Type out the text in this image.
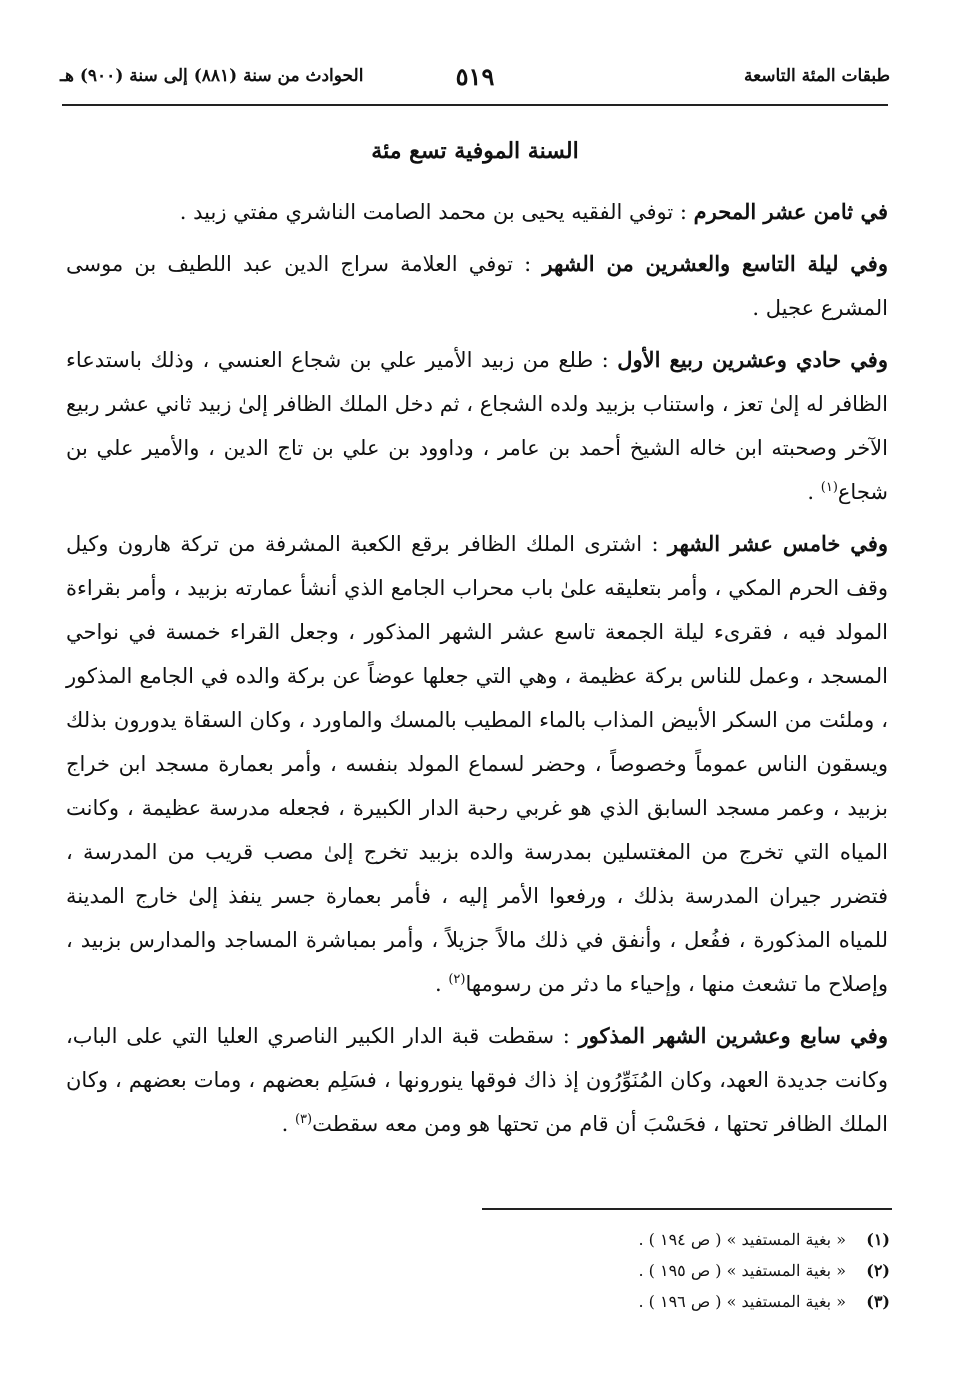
طبقات المئة التاسعة
٥١٩
الحوادث من سنة (٨٨١) إلى سنة (٩٠٠) هـ
السنة الموفية تسع مئة

في ثامن عشر المحرم : توفي الفقيه يحيى بن محمد الصامت الناشري مفتي زبيد .

وفي ليلة التاسع والعشرين من الشهر : توفي العلامة سراج الدين عبد اللطيف بن موسى المشرع عجيل .

وفي حادي وعشرين ربيع الأول : طلع من زبيد الأمير علي بن شجاع العنسي ، وذلك باستدعاء الظافر له إلىٰ تعز ، واستناب بزبيد ولده الشجاع ، ثم دخل الملك الظافر إلىٰ زبيد ثاني عشر ربيع الآخر وصحبته ابن خاله الشيخ أحمد بن عامر ، وداوود بن علي بن تاج الدين ، والأمير علي بن شجاع$^{(١)}$ .

وفي خامس عشر الشهر : اشترى الملك الظافر برقع الكعبة المشرفة من تركة هارون وكيل وقف الحرم المكي ، وأمر بتعليقه علىٰ باب محراب الجامع الذي أنشأ عمارته بزبيد ، وأمر بقراءة المولد فيه ، فقرىء ليلة الجمعة تاسع عشر الشهر المذكور ، وجعل القراء خمسة في نواحي المسجد ، وعمل للناس بركة عظيمة ، وهي التي جعلها عوضاً عن بركة والده في الجامع المذكور ، وملئت من السكر الأبيض المذاب بالماء المطيب بالمسك والماورد ، وكان السقاة يدورون بذلك ويسقون الناس عموماً وخصوصاً ، وحضر لسماع المولد بنفسه ، وأمر بعمارة مسجد ابن خراج بزبيد ، وعمر مسجد السابق الذي هو غربي رحبة الدار الكبيرة ، فجعله مدرسة عظيمة ، وكانت المياه التي تخرج من المغتسلين بمدرسة والده بزبيد تخرج إلىٰ مصب قريب من المدرسة ، فتضرر جيران المدرسة بذلك ، ورفعوا الأمر إليه ، فأمر بعمارة جسر ينفذ إلىٰ خارج المدينة للمياه المذكورة ، ففُعل ، وأنفق في ذلك مالاً جزيلاً ، وأمر بمباشرة المساجد والمدارس بزبيد ، وإصلاح ما تشعث منها ، وإحياء ما دثر من رسومها$^{(٢)}$ .

وفي سابع وعشرين الشهر المذكور : سقطت قبة الدار الكبير الناصري العليا التي على الباب، وكانت جديدة العهد، وكان المُنَوِّرُون إذ ذاك فوقها ينورونها ، فسَلِم بعضهم ، ومات بعضهم ، وكان الملك الظافر تحتها ، فحَسْبَ أن قام من تحتها هو ومن معه سقطت$^{(٣)}$ .

(١)« بغية المستفيد » ( ص ١٩٤ ) .
(٢)« بغية المستفيد » ( ص ١٩٥ ) .
(٣)« بغية المستفيد » ( ص ١٩٦ ) .
